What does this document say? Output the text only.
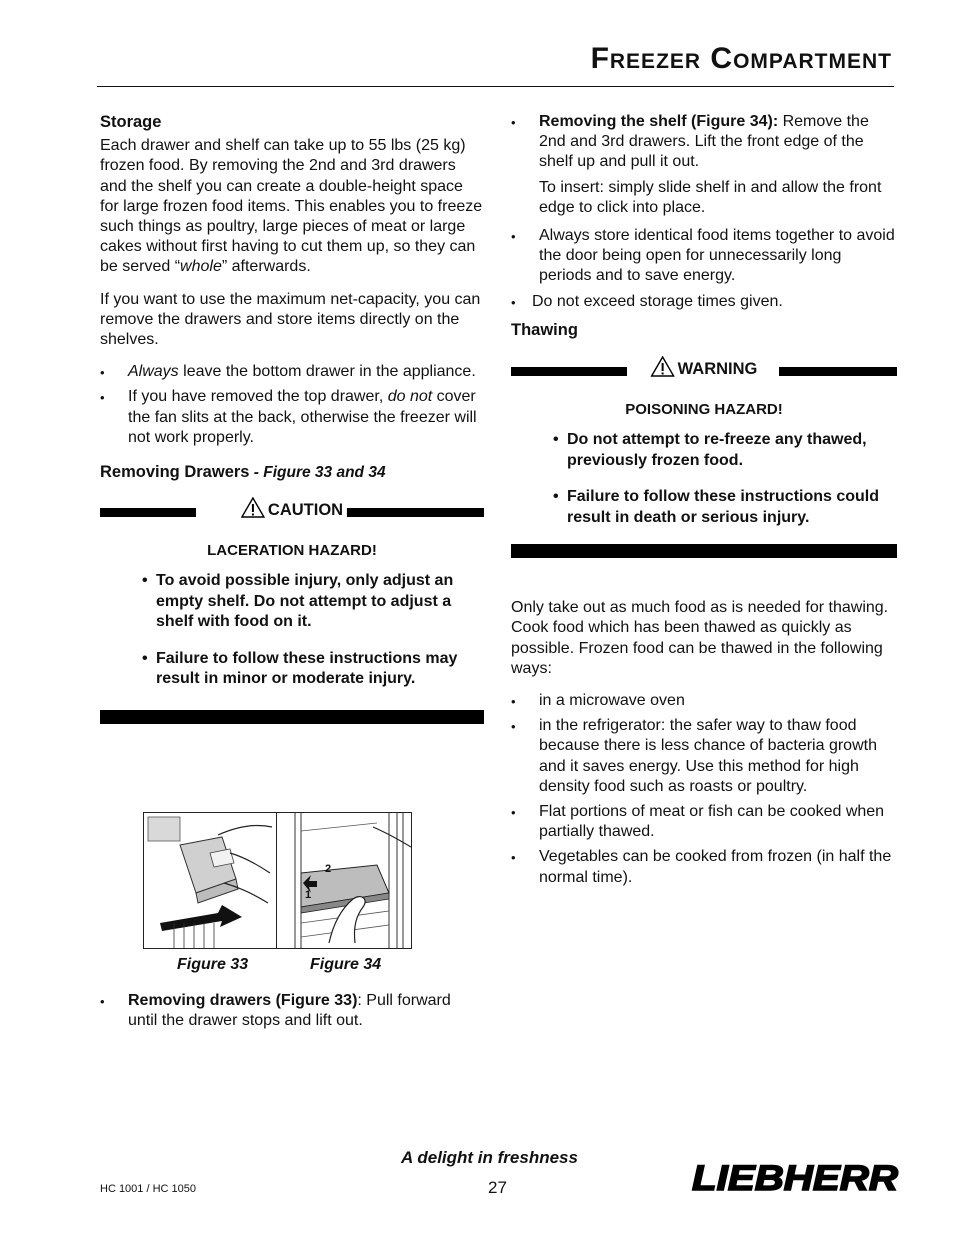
Freezer Compartment
Storage

Each drawer and shelf can take up to 55 lbs (25 kg) frozen food. By removing the 2nd and 3rd drawers and the shelf you can create a double-height space for large frozen food items. This enables you to freeze such things as poultry, large pieces of meat or large cakes without first having to cut them up, so they can be served “whole” afterwards.

If you want to use the maximum net-capacity, you can remove the drawers and store items directly on the shelves.

• Always leave the bottom drawer in the appliance.
• If you have removed the top drawer, do not cover the fan slits at the back, otherwise the freezer will not work properly.
Removing Drawers - Figure 33 and 34
CAUTION
LACERATION HAZARD!
• To avoid possible injury, only adjust an empty shelf. Do not attempt to adjust a shelf with food on it.
• Failure to follow these instructions may result in minor or moderate injury.
2
1
Figure 33	Figure 34
• Removing drawers (Figure 33): Pull forward until the drawer stops and lift out.
• Removing the shelf (Figure 34): Remove the 2nd and 3rd drawers. Lift the front edge of the shelf up and pull it out.

To insert: simply slide shelf in and allow the front edge to click into place.

• Always store identical food items together to avoid the door being open for unnecessarily long periods and to save energy.
• Do not exceed storage times given.
Thawing
WARNING
POISONING HAZARD!
• Do not attempt to re-freeze any thawed, previously frozen food.
• Failure to follow these instructions could result in death or serious injury.

Only take out as much food as is needed for thawing. Cook food which has been thawed as quickly as possible. Frozen food can be thawed in the following ways:

• in a microwave oven
• in the refrigerator: the safer way to thaw food because there is less chance of bacteria growth and it saves energy. Use this method for high density food such as roasts or poultry.
• Flat portions of meat or fish can be cooked when partially thawed.
• Vegetables can be cooked from frozen (in half the normal time).
A delight in freshness
27
HC 1001 / HC 1050	LIEBHERR
